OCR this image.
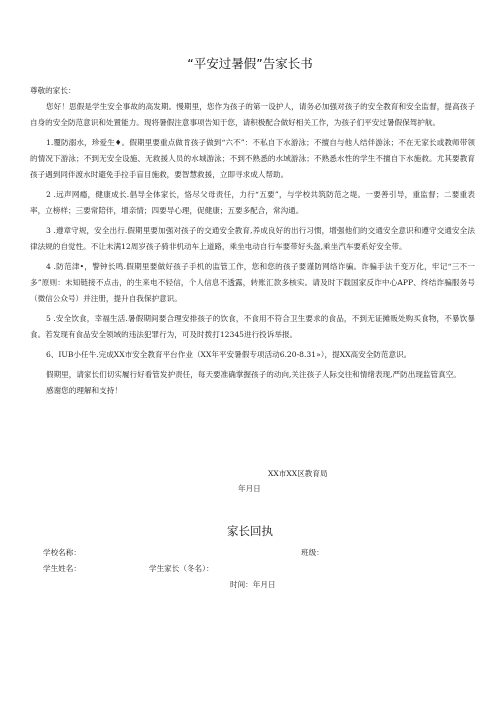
“平安过暑假”告家长书

尊敬的家长：

您好！思假是学生安全事故的高发期。慢期里，您作为孩子的第一设护人，请务必加强对孩子的安全教育和安全监督，提高孩子自身的安全防范意识和处置能力。现将暑假注意事项告知于您，请积极配合做好相关工作，为孩子们平安过暑假保驾护航。

1.覆防溺水，珍爱生♦。假期里要重点做肯孩子做到“六不”：不私自下水游泳；不擅自与他人结伴游泳；不在无家长或教师带领的情况下游泳；不到无安全设施、无救援人员的水城游泳；不到不熟悉的水域游泳；不熟悉水性的学生不擅自下水施救。尤其要教育孩子遇到同伴渡水时避免手拉手盲目施救，要智慧救援，立即寻求成人帮助。

2 .远声网瘾，健康成长.倡导全体家长，恪尽父母责任，力行“五要”，与学校共筑防范之堤。一要善引导，重监督；二要重表率，立榜样；三要常陪伴，增亲情；四要导心理，促健康；五要多配合，常沟通。

3 .遵章守规，安全出行.假期里要加强对孩子的交通安全教育,养成良好的出行习惯，增强他们的交通安全意识和遵守交通安全法律法规的自觉性。不让未满12周岁孩子骑非机动车上道路，乘坐电动自行车要带好头盔,乘坐汽车要系好安全带。

4 .防范津•，警钟长鸣.假期里要做好孩子手机的监管工作，您和您的孩子要谨防网络诈骗。诈骗手法千变万化，牢记“三不一多”原则：未知链接不点击，的生来电不轻信，个人信息不透露，转账汇款多核实。请及时下载国家反诈中心APP、终结诈骗服务号（微信公众号）并注册，提升自我保护意识。

5 .安全饮食，幸福生活.暑假期间要合理安排孩子的饮食，不食用不符合卫生要求的食品，不到无证摊贩处购买食物，不暴饮暴食。若发现有食品安全领域的违法犯罪行为，可及时拨打12345进行投诉举报。

6、IUB小任牛.完成XX市安全教育平台作业（XX年平安暑假专项活动6.20-8.31»），提XX高安全防范意识。

假期里，请家长们切实履行好看管发护责任，每天要准确掌握孩子的动向,关注孩子人际交往和情绪表现,严防出现监管真空。

感谢您的理解和支持！

XX市XX区教育局
年月日
家长回执
学校名称：	班级：
学生姓名：	学生家长（冬名）：
时间：年月日
